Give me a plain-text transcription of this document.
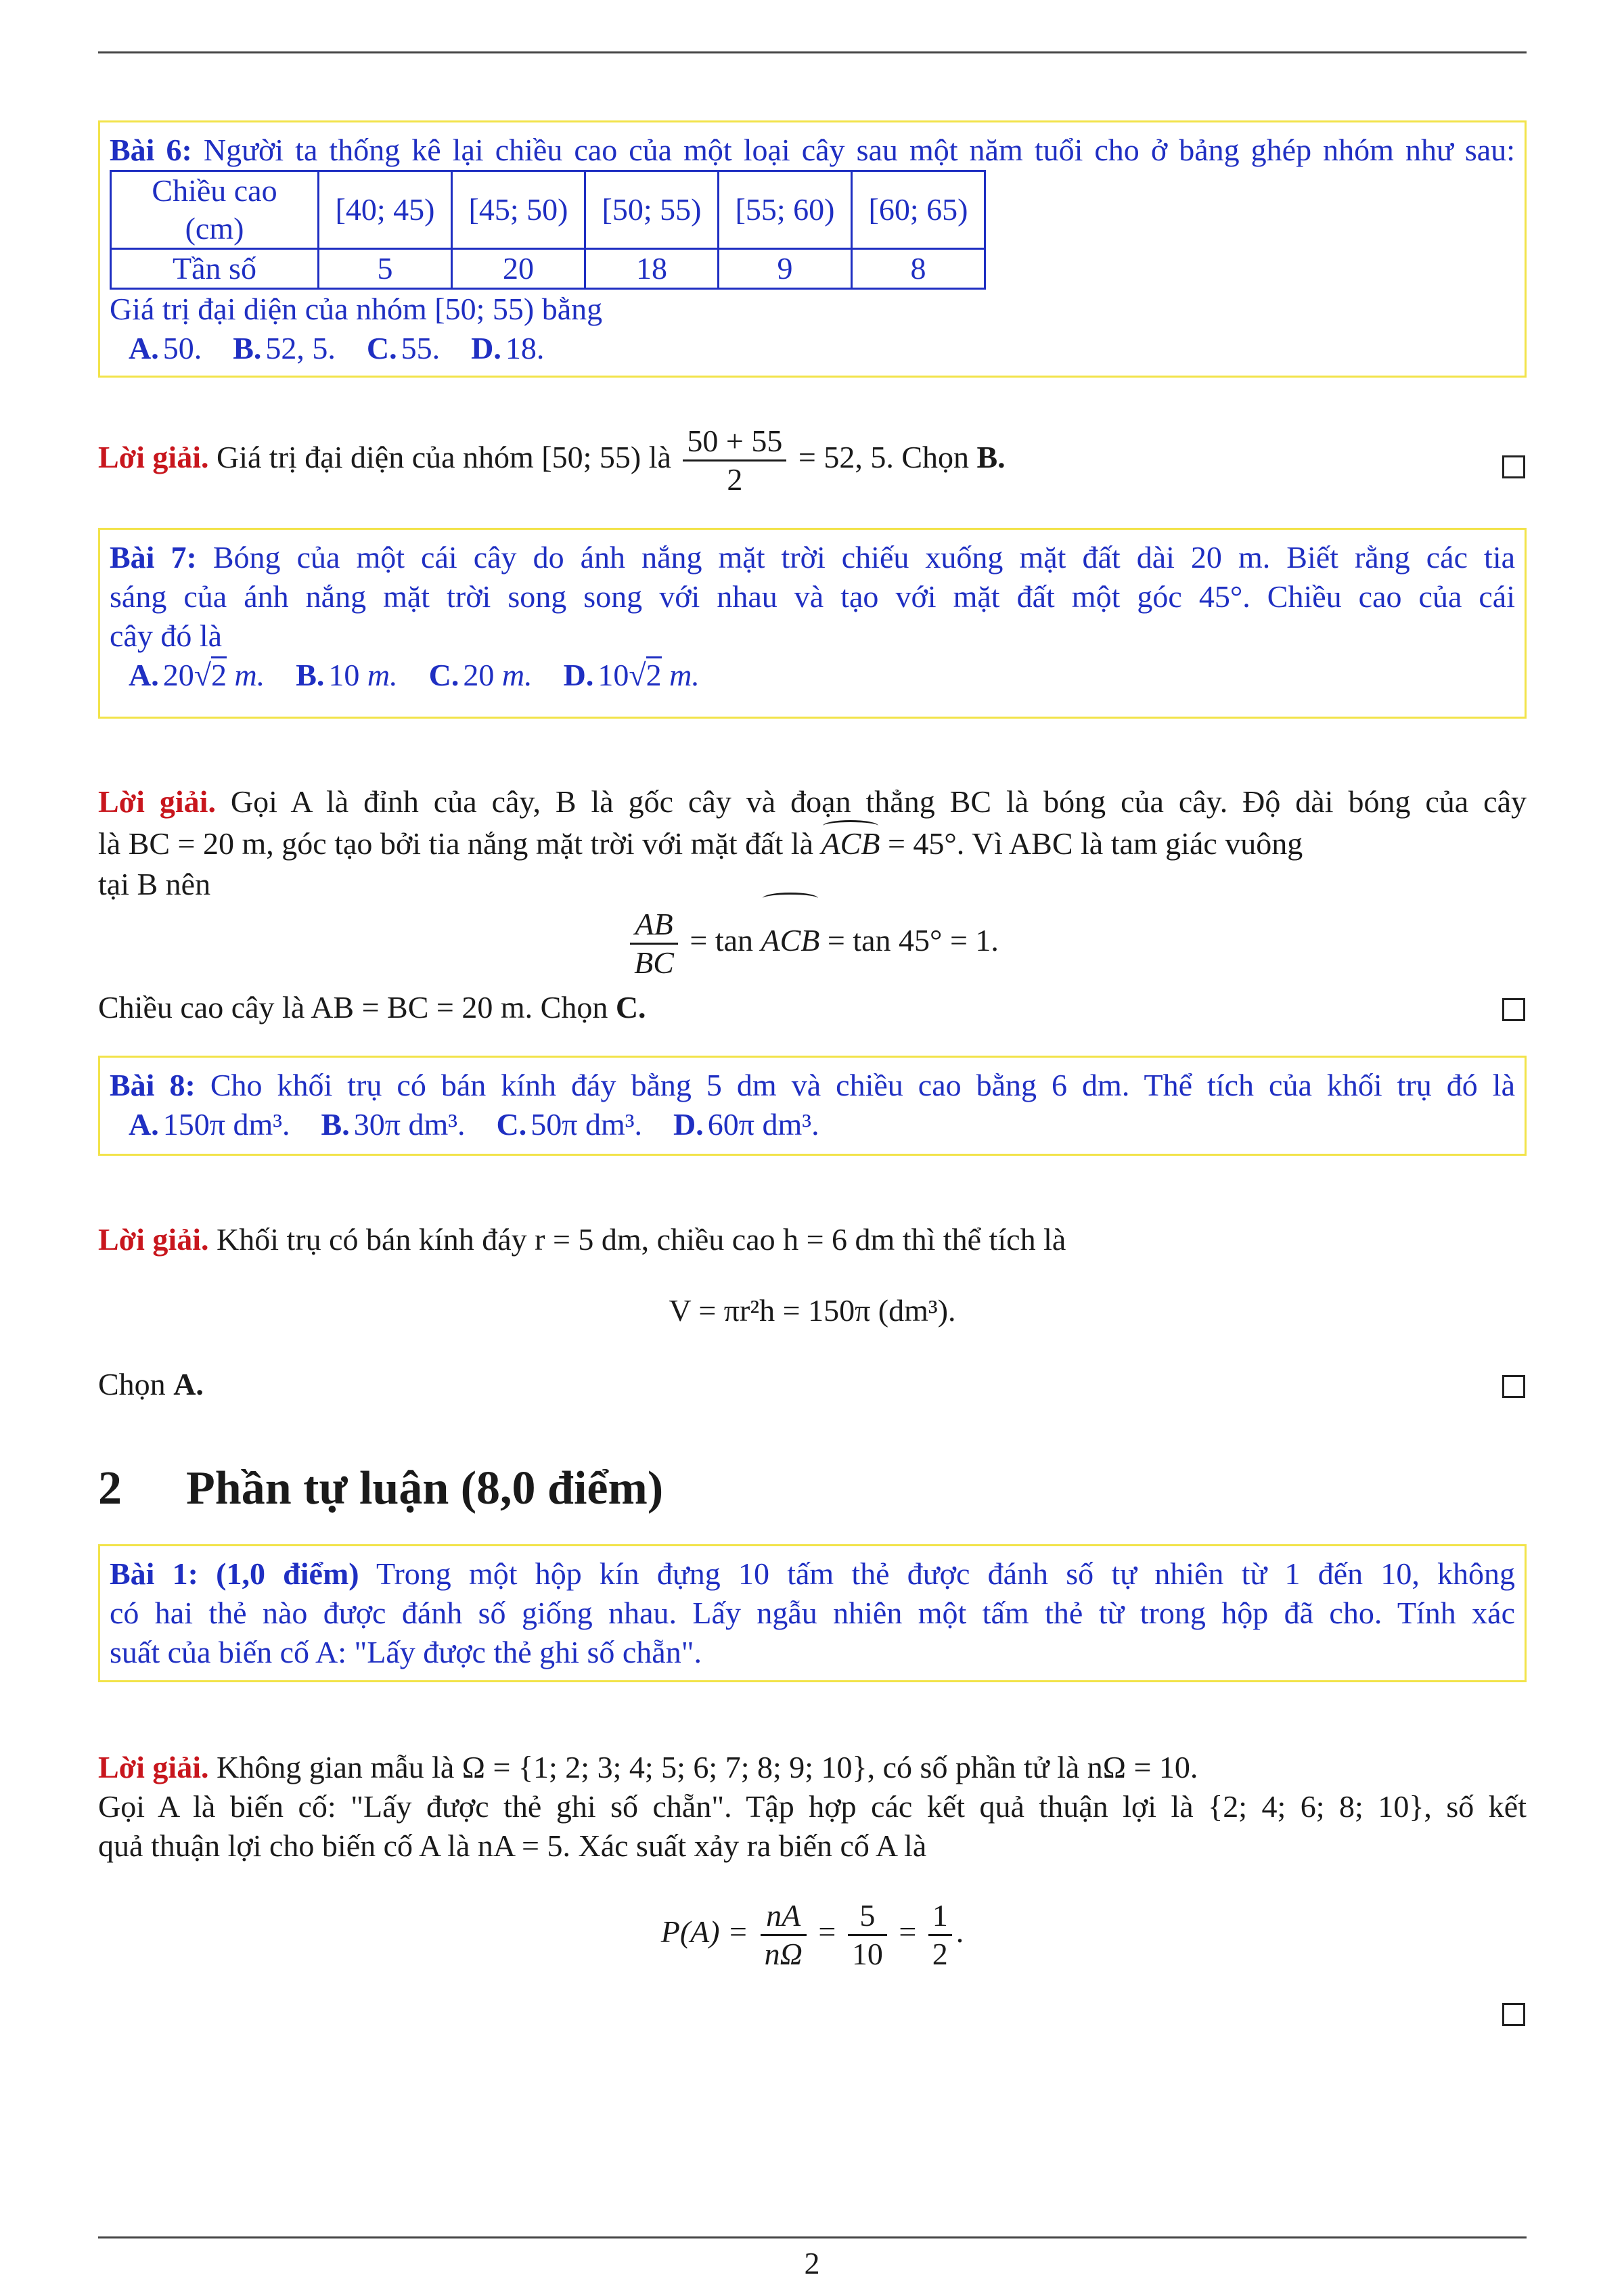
Bài 6: Người ta thống kê lại chiều cao của một loại cây sau một năm tuổi cho ở bảng ghép nhóm như sau:
Chiều cao (cm)	[40; 45)	[45; 50)	[50; 55)	[55; 60)	[60; 65)
Tần số	5	20	18	9	8
Giá trị đại diện của nhóm [50; 55) bằng
A. 50. B. 52, 5. C. 55. D. 18.
Lời giải. Giá trị đại diện của nhóm [50; 55) là $\frac{50 + 55}{2} = 52$, 5. Chọn B.
Bài 7: Bóng của một cái cây do ánh nắng mặt trời chiếu xuống mặt đất dài 20 m. Biết rằng các tia
sáng của ánh nắng mặt trời song song với nhau và tạo với mặt đất một góc 45°. Chiều cao của cái
cây đó là
A. 20√2 m. B. 10 m. C. 20 m. D. 10√2 m.
Lời giải. Gọi A là đỉnh của cây, B là gốc cây và đoạn thẳng BC là bóng của cây. Độ dài bóng của cây
là BC = 20 m, góc tạo bởi tia nắng mặt trời với mặt đất là ACB = 45°. Vì ABC là tam giác vuông
tại B nên
$\frac{AB}{BC} = \tan$ ACB = tan 45° = 1.
Chiều cao cây là AB = BC = 20 m. Chọn C.
Bài 8: Cho khối trụ có bán kính đáy bằng 5 dm và chiều cao bằng 6 dm. Thể tích của khối trụ đó là
A. 150π dm³. B. 30π dm³. C. 50π dm³. D. 60π dm³.
Lời giải. Khối trụ có bán kính đáy r = 5 dm, chiều cao h = 6 dm thì thể tích là
V = πr²h = 150π (dm³).
Chọn A.
2 Phần tự luận (8,0 điểm)
Bài 1: (1,0 điểm) Trong một hộp kín đựng 10 tấm thẻ được đánh số tự nhiên từ 1 đến 10, không
có hai thẻ nào được đánh số giống nhau. Lấy ngẫu nhiên một tấm thẻ từ trong hộp đã cho. Tính xác
suất của biến cố A: "Lấy được thẻ ghi số chẵn".
Lời giải. Không gian mẫu là Ω = {1; 2; 3; 4; 5; 6; 7; 8; 9; 10}, có số phần tử là nΩ = 10.
Gọi A là biến cố: "Lấy được thẻ ghi số chẵn". Tập hợp các kết quả thuận lợi là {2; 4; 6; 8; 10}, số kết
quả thuận lợi cho biến cố A là nA = 5. Xác suất xảy ra biến cố A là
$P(A) = \frac{nA}{n\Omega} = \frac{5}{10} = \frac{1}{2}$ .
2
